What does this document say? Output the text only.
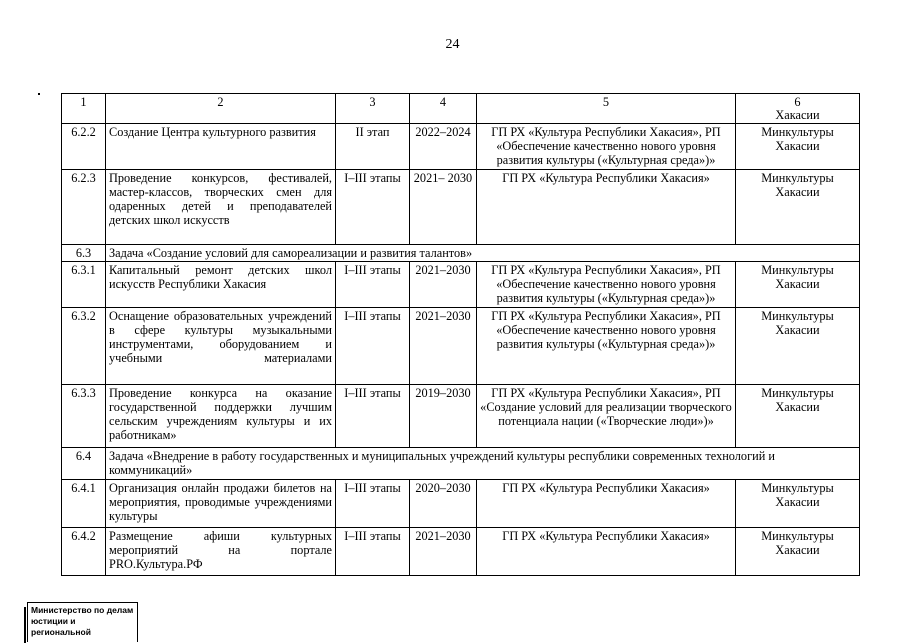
24
1	2	3	4	5	6
Хакасии

6.2.2	Создание Центра культурного развития	II этап	2022–2024	ГП РХ «Культура Республики Хакасия», РП «Обеспечение качественно нового уровня развития культуры («Культурная среда»)»	Минкультуры Хакасии
6.2.3	Проведение конкурсов, фестивалей, мастер-классов, творческих смен для одаренных детей и преподавателей детских школ искусств	I–III этапы	2021– 2030	ГП РХ «Культура Республики Хакасия»	Минкультуры Хакасии
6.3	Задача «Создание условий для самореализации и развития талантов»				
6.3.1	Капитальный ремонт детских школ искусств Республики Хакасия	I–III этапы	2021–2030	ГП РХ «Культура Республики Хакасия», РП «Обеспечение качественно нового уровня развития культуры («Культурная среда»)»	Минкультуры Хакасии
6.3.2	Оснащение образовательных учреждений в сфере культуры музыкальными инструментами, оборудованием и учебными материалами	I–III этапы	2021–2030	ГП РХ «Культура Республики Хакасия», РП «Обеспечение качественно нового уровня развития культуры («Культурная среда»)»	Минкультуры Хакасии
6.3.3	Проведение конкурса на оказание государственной поддержки лучшим сельским учреждениям культуры и их работникам»	I–III этапы	2019–2030	ГП РХ «Культура Республики Хакасия», РП «Создание условий для реализации творческого потенциала нации («Творческие люди»)»	Минкультуры Хакасии
6.4	Задача «Внедрение в работу государственных и муниципальных учреждений культуры республики современных технологий и коммуникаций»				
6.4.1	Организация онлайн продажи билетов на мероприятия, проводимые учреждениями культуры	I–III этапы	2020–2030	ГП РХ «Культура Республики Хакасия»	Минкультуры Хакасии
6.4.2	Размещение афиши культурных мероприятий на портале PRO.Культура.РФ	I–III этапы	2021–2030	ГП РХ «Культура Республики Хакасия»	Минкультуры Хакасии
Министерство по делам
юстиции и региональной
